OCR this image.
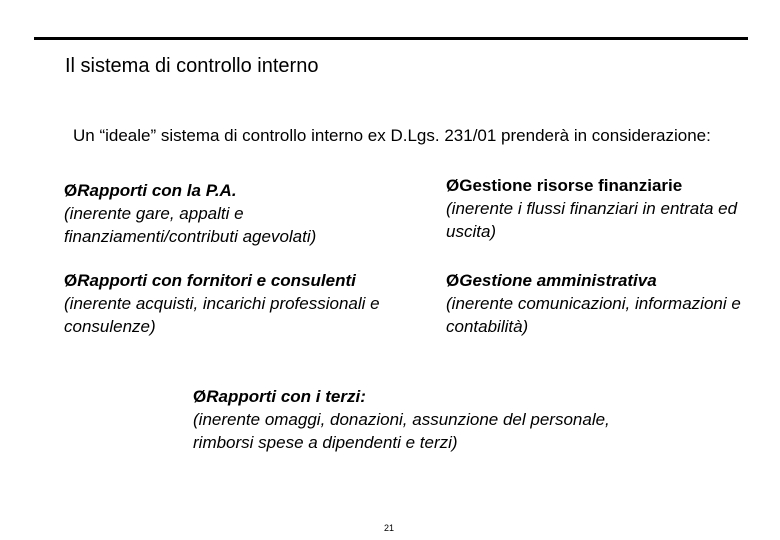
Il sistema di controllo interno
Un “ideale” sistema di controllo interno ex D.Lgs. 231/01 prenderà in considerazione:
ØRapporti con la P.A.
(inerente gare, appalti e finanziamenti/contributi agevolati)
ØGestione risorse finanziarie
(inerente i flussi finanziari in entrata ed uscita)
ØRapporti con fornitori e consulenti
(inerente acquisti, incarichi professionali e consulenze)
ØGestione amministrativa
(inerente comunicazioni, informazioni e contabilità)
ØRapporti con i terzi:
(inerente omaggi, donazioni, assunzione del personale, rimborsi spese a dipendenti e terzi)
21
